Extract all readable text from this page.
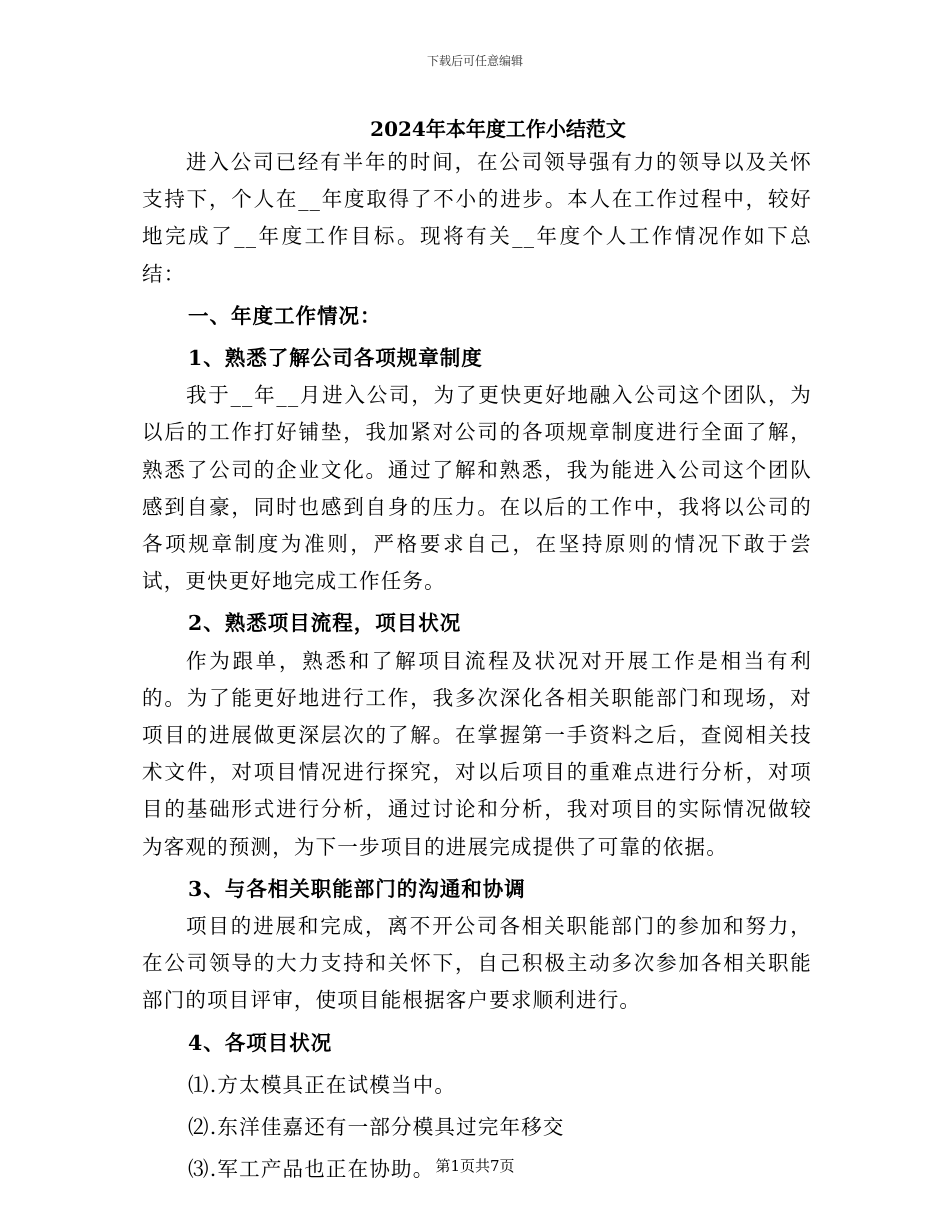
下载后可任意编辑
2024年本年度工作小结范文

进入公司已经有半年的时间，在公司领导强有力的领导以及关怀支持下，个人在__年度取得了不小的进步。本人在工作过程中，较好地完成了__年度工作目标。现将有关__年度个人工作情况作如下总结：

一、年度工作情况：

1、熟悉了解公司各项规章制度

我于__年__月进入公司，为了更快更好地融入公司这个团队，为以后的工作打好铺垫，我加紧对公司的各项规章制度进行全面了解，熟悉了公司的企业文化。通过了解和熟悉，我为能进入公司这个团队感到自豪，同时也感到自身的压力。在以后的工作中，我将以公司的各项规章制度为准则，严格要求自己，在坚持原则的情况下敢于尝试，更快更好地完成工作任务。

2、熟悉项目流程，项目状况

作为跟单，熟悉和了解项目流程及状况对开展工作是相当有利的。为了能更好地进行工作，我多次深化各相关职能部门和现场，对项目的进展做更深层次的了解。在掌握第一手资料之后，查阅相关技术文件，对项目情况进行探究，对以后项目的重难点进行分析，对项目的基础形式进行分析，通过讨论和分析，我对项目的实际情况做较为客观的预测，为下一步项目的进展完成提供了可靠的依据。

3、与各相关职能部门的沟通和协调

项目的进展和完成，离不开公司各相关职能部门的参加和努力，在公司领导的大力支持和关怀下，自己积极主动多次参加各相关职能部门的项目评审，使项目能根据客户要求顺利进行。

4、各项目状况

⑴.方太模具正在试模当中。

⑵.东洋佳嘉还有一部分模具过完年移交

⑶.军工产品也正在协助。 第1页共7页
